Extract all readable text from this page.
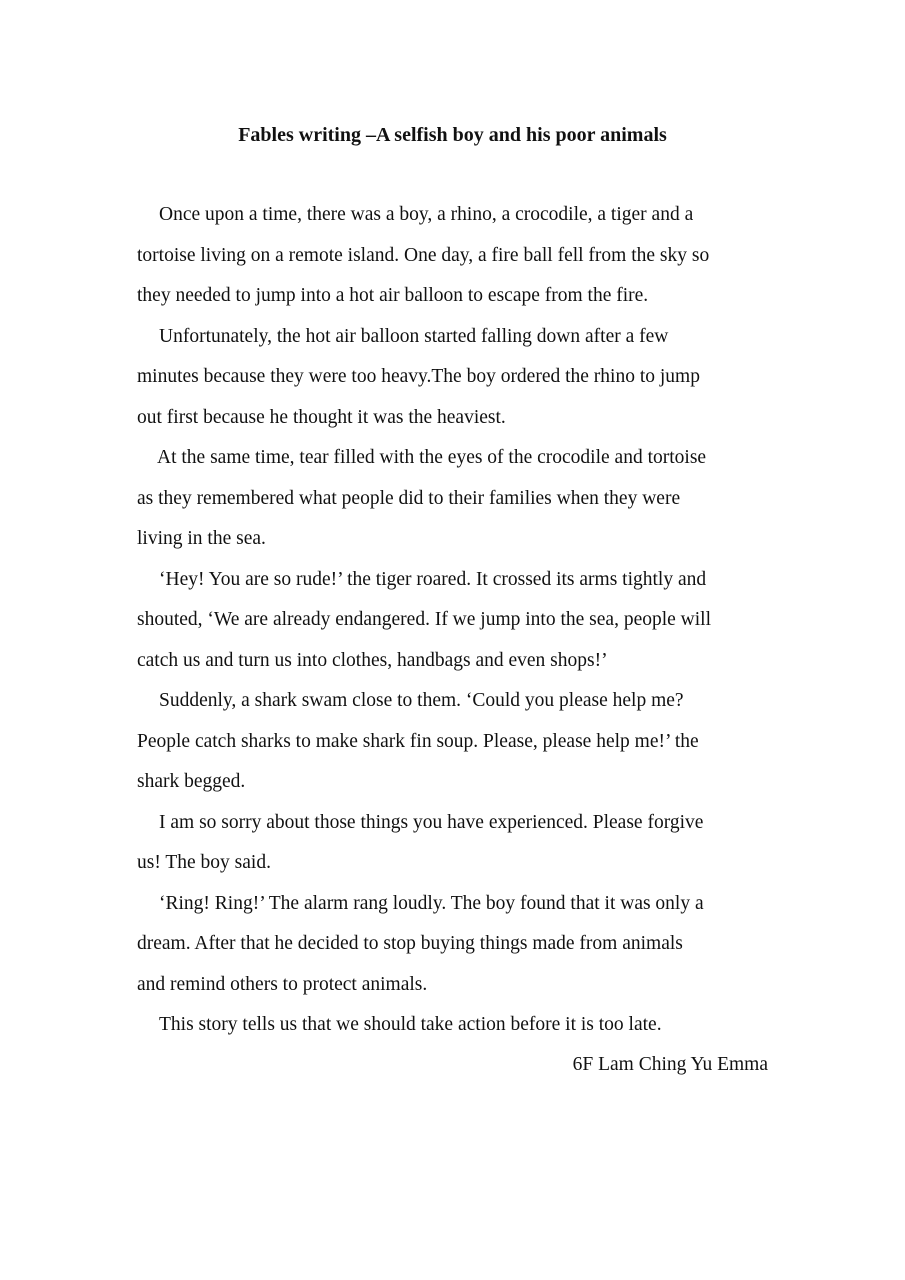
Fables writing –A selfish boy and his poor animals
Once upon a time, there was a boy, a rhino, a crocodile, a tiger and a
tortoise living on a remote island. One day, a fire ball fell from the sky so
they needed to jump into a hot air balloon to escape from the fire.
Unfortunately, the hot air balloon started falling down after a few
minutes because they were too heavy.The boy ordered the rhino to jump
out first because he thought it was the heaviest.
At the same time, tear filled with the eyes of the crocodile and tortoise
as they remembered what people did to their families when they were
living in the sea.
‘Hey! You are so rude!’ the tiger roared. It crossed its arms tightly and
shouted, ‘We are already endangered. If we jump into the sea, people will
catch us and turn us into clothes, handbags and even shops!’
Suddenly, a shark swam close to them. ‘Could you please help me?
People catch sharks to make shark fin soup. Please, please help me!’ the
shark begged.
I am so sorry about those things you have experienced. Please forgive
us! The boy said.
‘Ring! Ring!’ The alarm rang loudly. The boy found that it was only a
dream. After that he decided to stop buying things made from animals
and remind others to protect animals.
This story tells us that we should take action before it is too late.
6F Lam Ching Yu Emma
